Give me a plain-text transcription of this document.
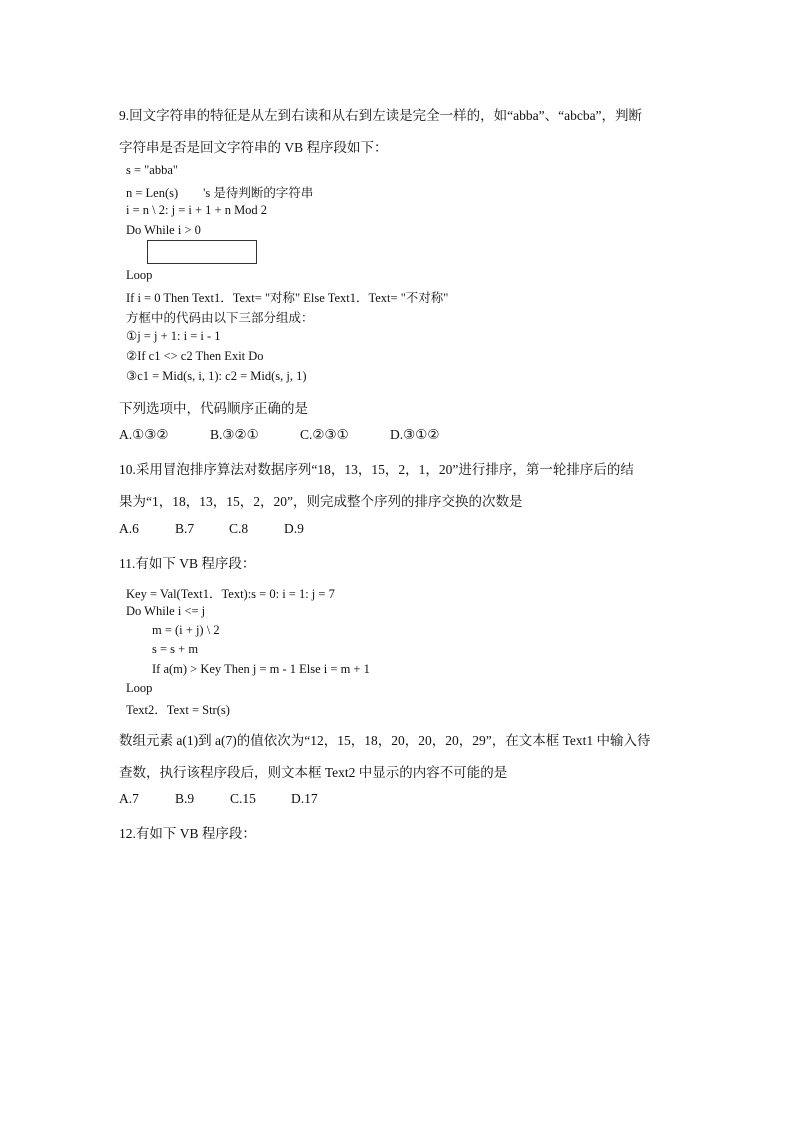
9.回文字符串的特征是从左到右读和从右到左读是完全一样的，如“abba”、“abcba”，判断
字符串是否是回文字符串的 VB 程序段如下：
s = "abba"
n = Len(s)        's 是待判断的字符串
i = n \ 2: j = i + 1 + n Mod 2
Do While i > 0
Loop
If i = 0 Then Text1．Text= "对称" Else Text1．Text= "不对称"
方框中的代码由以下三部分组成：
①j = j + 1: i = i - 1
②If c1 <> c2 Then Exit Do
③c1 = Mid(s, i, 1): c2 = Mid(s, j, 1)
下列选项中，代码顺序正确的是
A.①③②	B.③②①	C.②③①	D.③①②
10.采用冒泡排序算法对数据序列“18，13，15，2，1，20”进行排序，第一轮排序后的结
果为“1，18，13，15，2，20”，则完成整个序列的排序交换的次数是
A.6	B.7	C.8	D.9
11.有如下 VB 程序段：
Key = Val(Text1．Text):s = 0: i = 1: j = 7
Do While i <= j
m = (i + j) \ 2
s = s + m
If a(m) > Key Then j = m - 1 Else i = m + 1
Loop
Text2．Text = Str(s)
数组元素 a(1)到 a(7)的值依次为“12，15，18，20，20，20，29”，在文本框 Text1 中输入待
查数，执行该程序段后，则文本框 Text2 中显示的内容不可能的是
A.7	B.9	C.15	D.17
12.有如下 VB 程序段：
